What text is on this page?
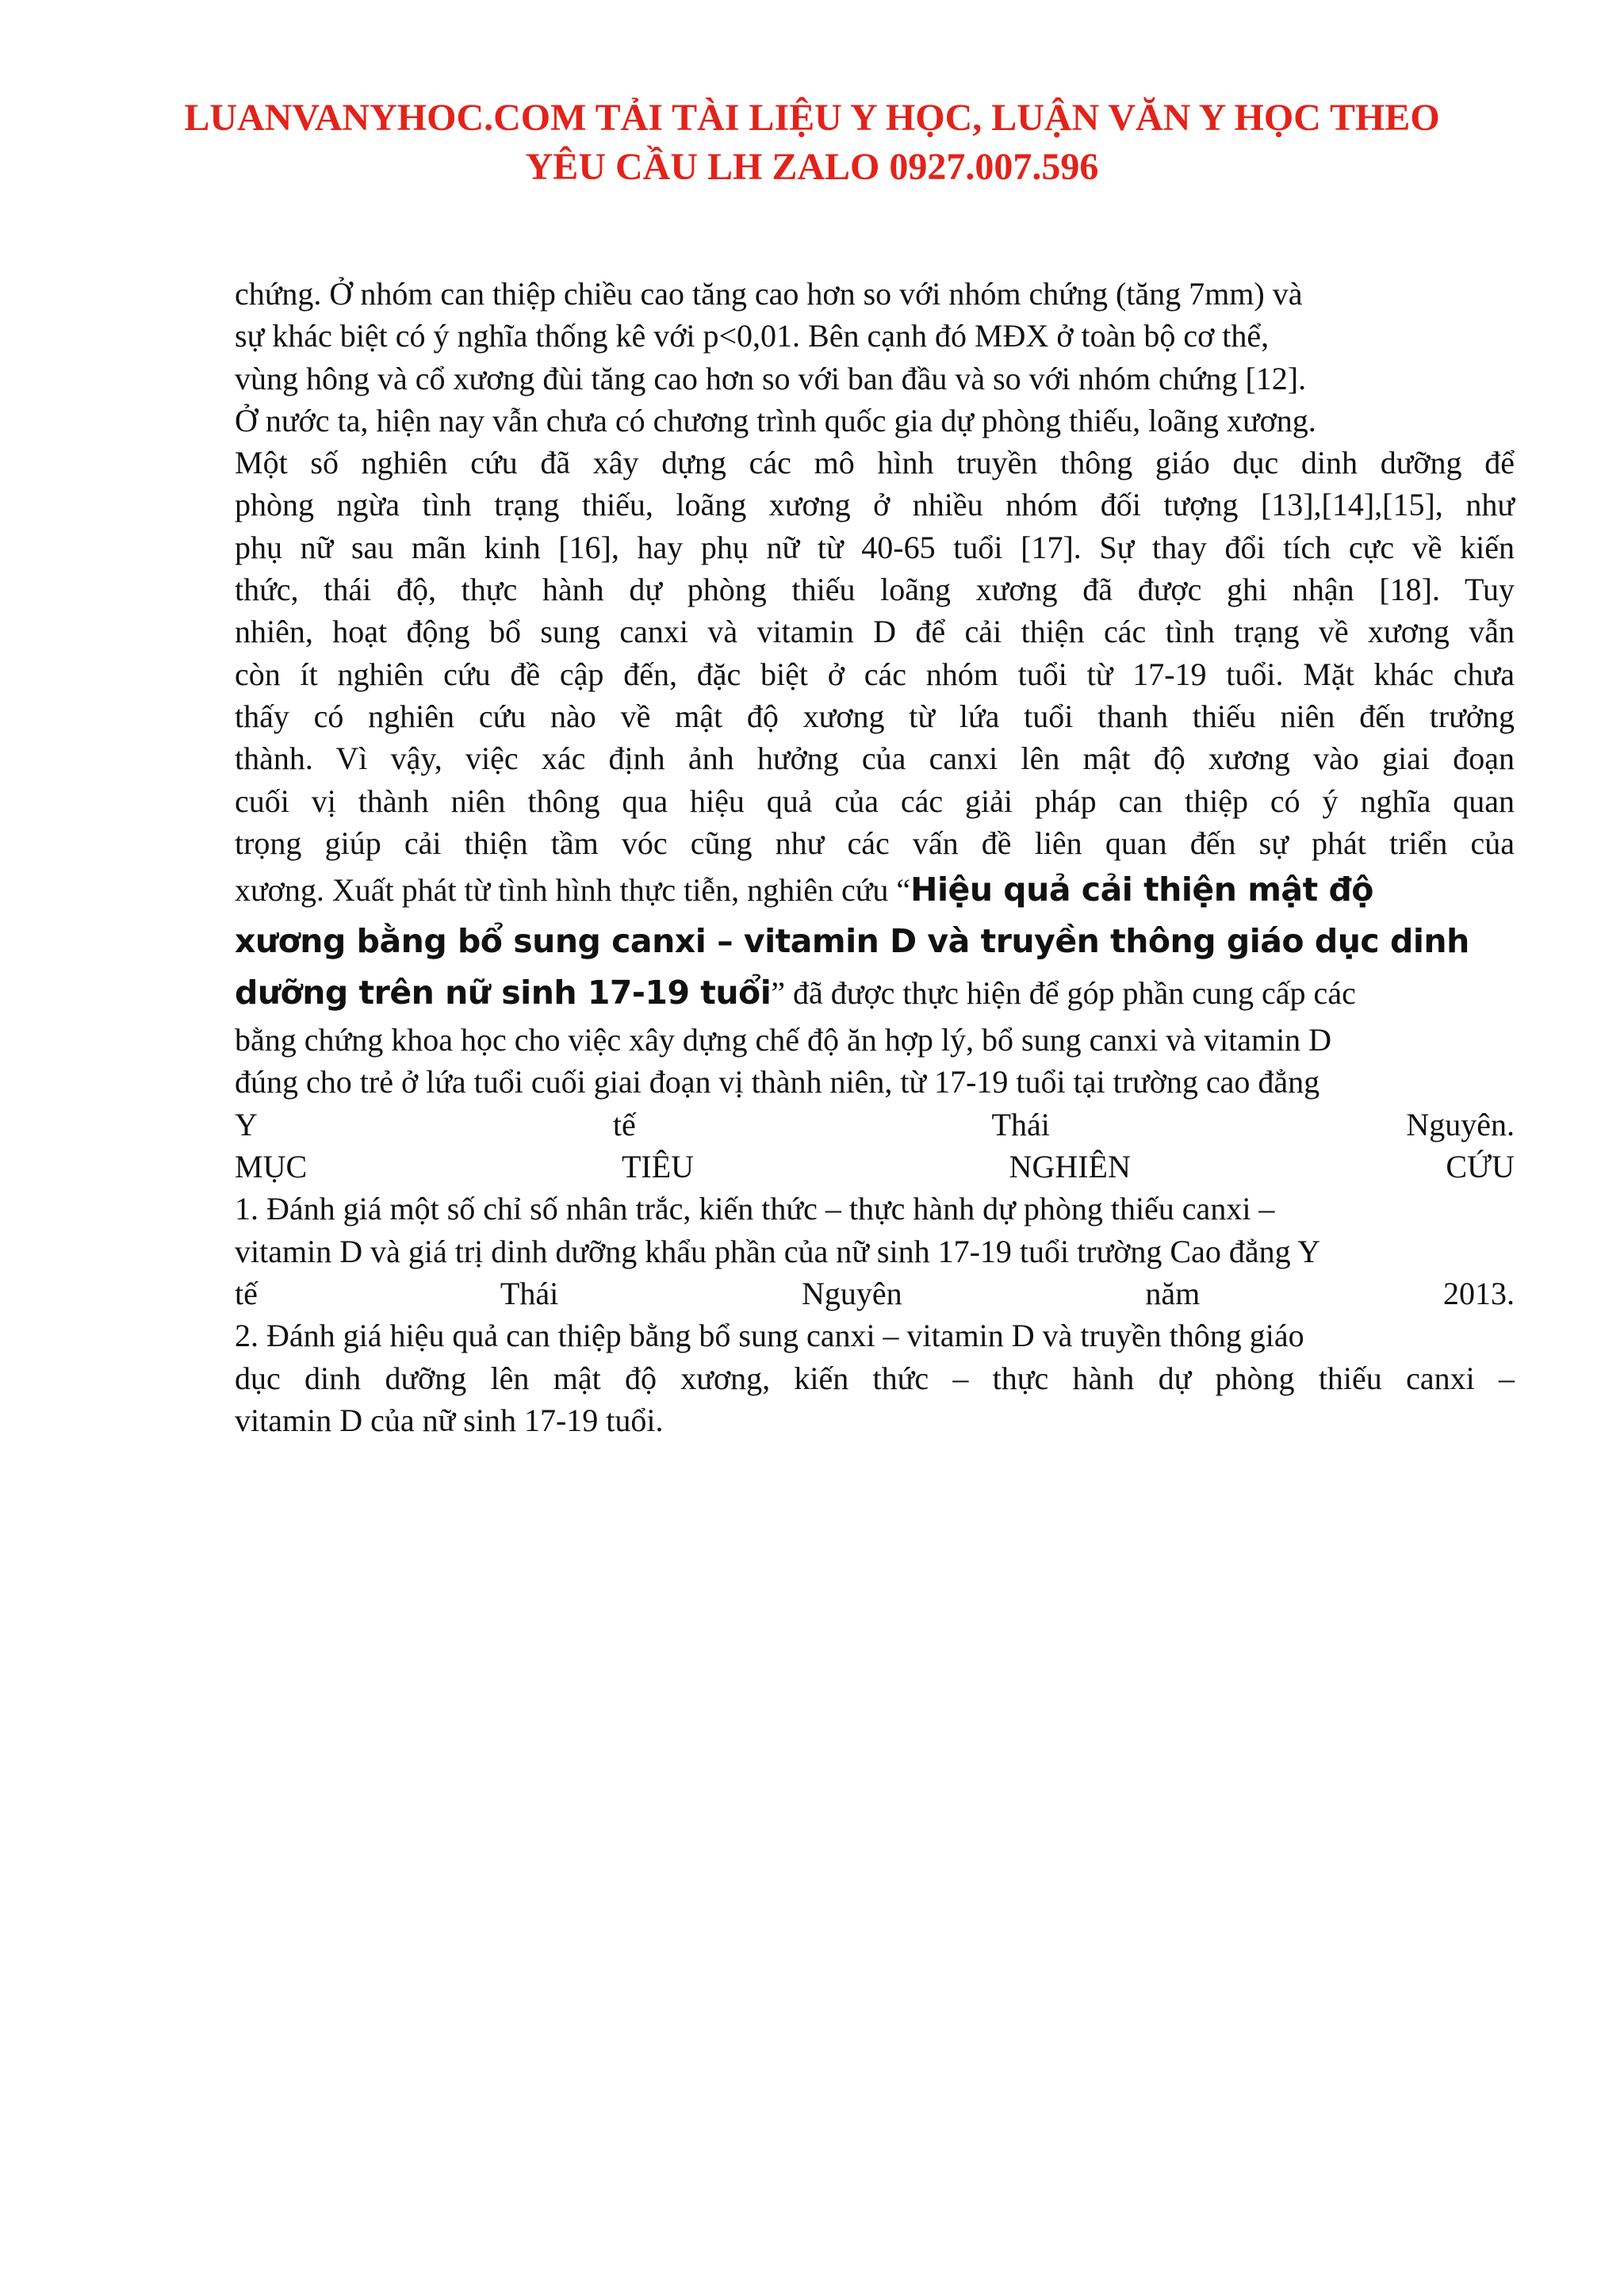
LUANVANYHOC.COM TẢI TÀI LIỆU Y HỌC, LUẬN VĂN Y HỌC THEO
YÊU CẦU LH ZALO 0927.007.596
chứng. Ở nhóm can thiệp chiều cao tăng cao hơn so với nhóm chứng (tăng 7mm) và
sự khác biệt có ý nghĩa thống kê với p<0,01. Bên cạnh đó MĐX ở toàn bộ cơ thể,
vùng hông và cổ xương đùi tăng cao hơn so với ban đầu và so với nhóm chứng [12].
Ở nước ta, hiện nay vẫn chưa có chương trình quốc gia dự phòng thiếu, loãng xương.
Một số nghiên cứu đã xây dựng các mô hình truyền thông giáo dục dinh dưỡng để
phòng ngừa tình trạng thiếu, loãng xương ở nhiều nhóm đối tượng [13],[14],[15], như
phụ nữ sau mãn kinh [16], hay phụ nữ từ 40-65 tuổi [17]. Sự thay đổi tích cực về kiến
thức, thái độ, thực hành dự phòng thiếu loãng xương đã được ghi nhận [18]. Tuy
nhiên, hoạt động bổ sung canxi và vitamin D để cải thiện các tình trạng về xương vẫn
còn ít nghiên cứu đề cập đến, đặc biệt ở các nhóm tuổi từ 17-19 tuổi. Mặt khác chưa
thấy có nghiên cứu nào về mật độ xương từ lứa tuổi thanh thiếu niên đến trưởng
thành. Vì vậy, việc xác định ảnh hưởng của canxi lên mật độ xương vào giai đoạn
cuối vị thành niên thông qua hiệu quả của các giải pháp can thiệp có ý nghĩa quan
trọng giúp cải thiện tầm vóc cũng như các vấn đề liên quan đến sự phát triển của
xương. Xuất phát từ tình hình thực tiễn, nghiên cứu “Hiệu quả cải thiện mật độ
xương bằng bổ sung canxi – vitamin D và truyền thông giáo dục dinh
dưỡng trên nữ sinh 17-19 tuổi” đã được thực hiện để góp phần cung cấp các
bằng chứng khoa học cho việc xây dựng chế độ ăn hợp lý, bổ sung canxi và vitamin D
đúng cho trẻ ở lứa tuổi cuối giai đoạn vị thành niên, từ 17-19 tuổi tại trường cao đẳng
Y tế Thái Nguyên.
MỤC TIÊU NGHIÊN CỨU
1. Đánh giá một số chỉ số nhân trắc, kiến thức – thực hành dự phòng thiếu canxi –
vitamin D và giá trị dinh dưỡng khẩu phần của nữ sinh 17-19 tuổi trường Cao đẳng Y
tế Thái Nguyên năm 2013.
2. Đánh giá hiệu quả can thiệp bằng bổ sung canxi – vitamin D và truyền thông giáo
dục dinh dưỡng lên mật độ xương, kiến thức – thực hành dự phòng thiếu canxi –
vitamin D của nữ sinh 17-19 tuổi.
